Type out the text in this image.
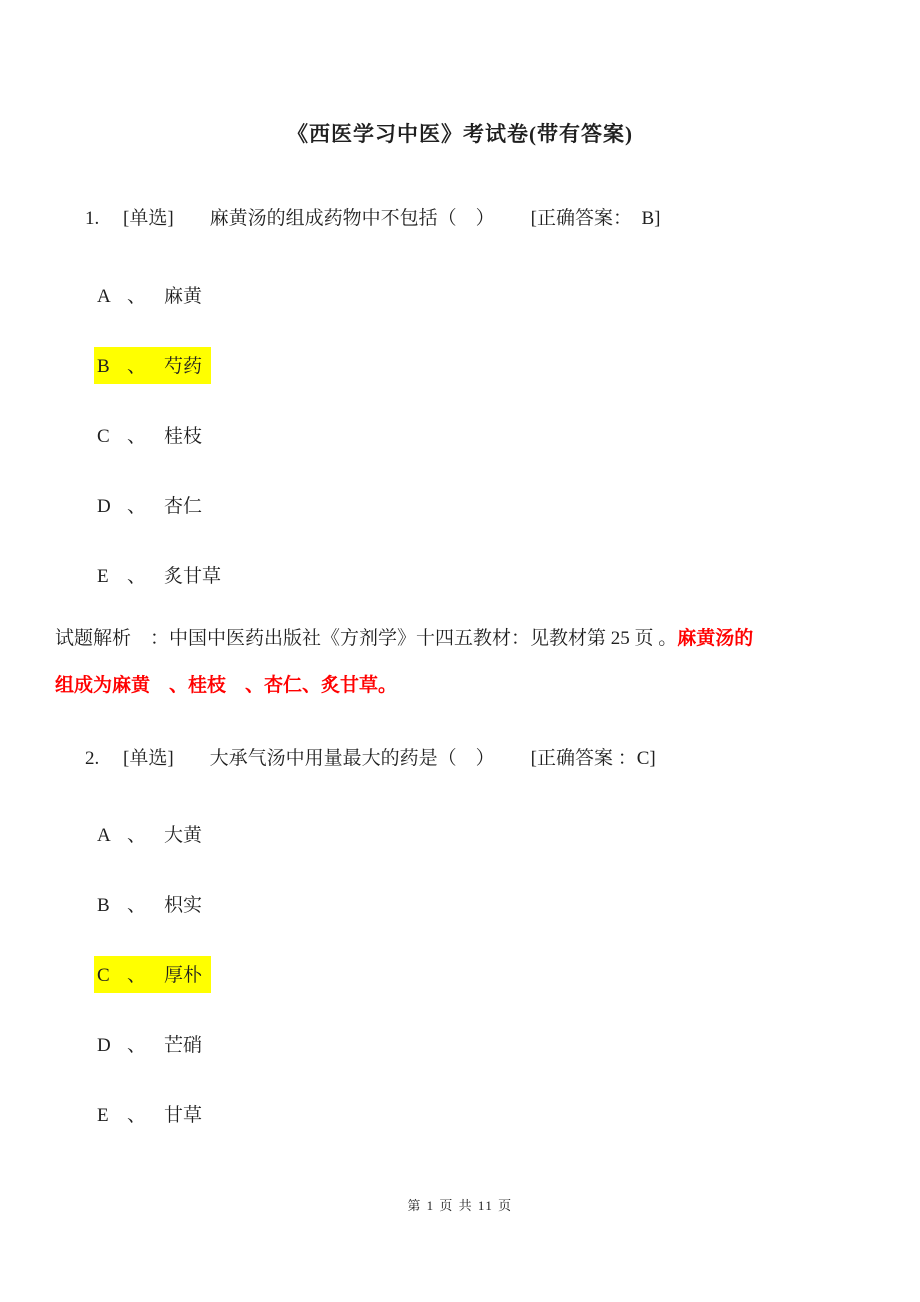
《西医学习中医》考试卷(带有答案)
1. [单选] 麻黄汤的组成药物中不包括（　） [正确答案：　B]
A 、 麻黄
B 、 芍药
C 、 桂枝
D 、 杏仁
E 、 炙甘草

试题解析　：中国中医药出版社《方剂学》十四五教材：见教材第 25 页 。麻黄汤的
组成为麻黄　、桂枝　、杏仁、炙甘草。

2. [单选] 大承气汤中用量最大的药是（　） [正确答案 ：C]
A 、 大黄
B 、 枳实
C 、 厚朴
D 、 芒硝
E 、 甘草
第 1 页 共 11 页
